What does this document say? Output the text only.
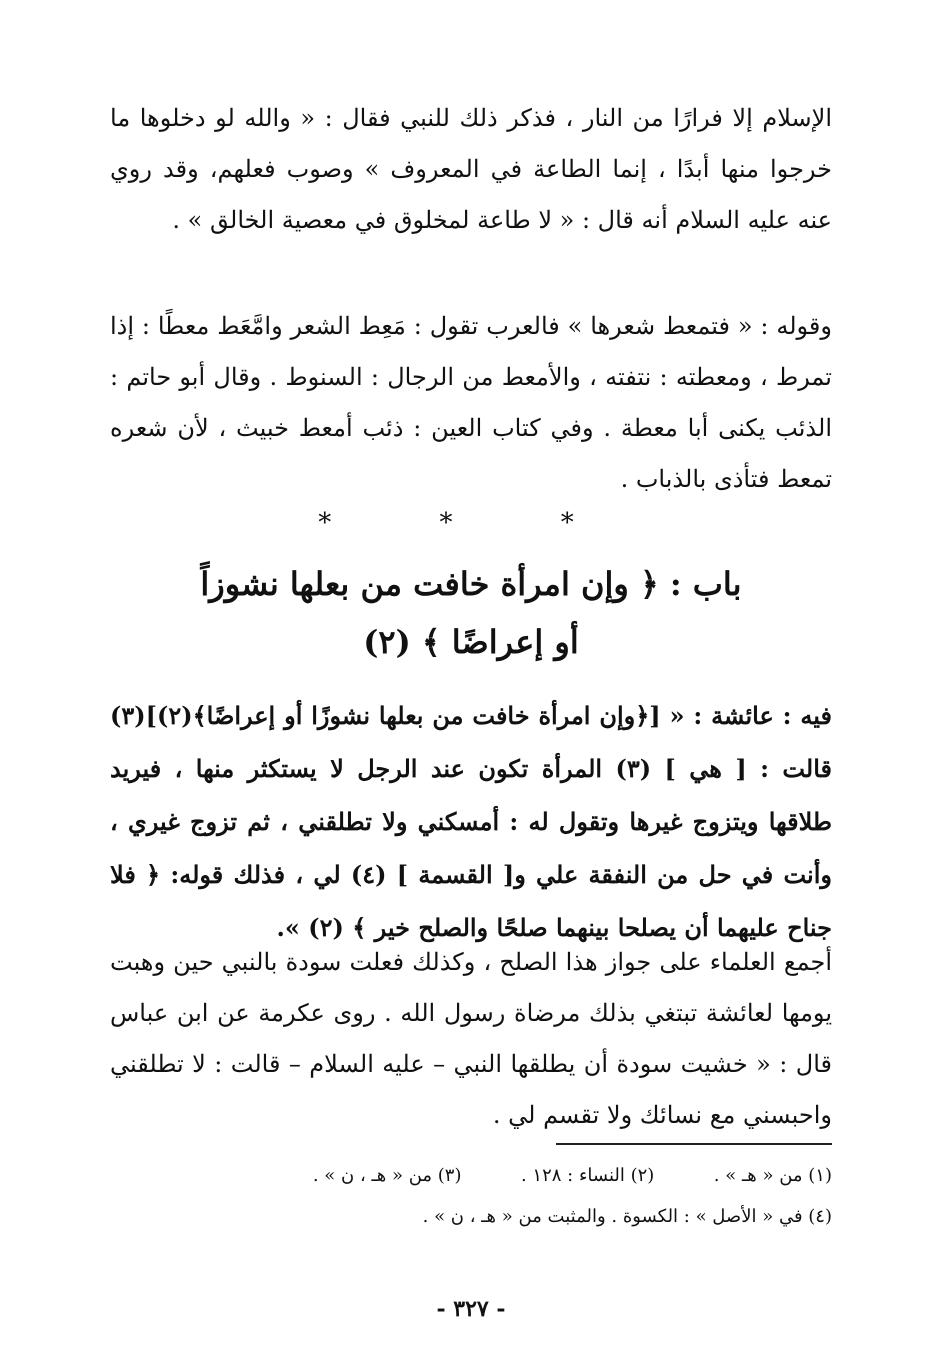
الإسلام إلا فرارًا من النار ، فذكر ذلك للنبي فقال : « والله لو دخلوها ما خرجوا منها أبدًا ، إنما الطاعة في المعروف » وصوب فعلهم، وقد روي عنه عليه السلام أنه قال : « لا طاعة لمخلوق في معصية الخالق » .

وقوله : « فتمعط شعرها » فالعرب تقول : مَعِط الشعر وامَّعَط معطًا : إذا تمرط ، ومعطته : نتفته ، والأمعط من الرجال : السنوط . وقال أبو حاتم : الذئب يكنى أبا معطة . وفي كتاب العين : ذئب أمعط خبيث ، لأن شعره تمعط فتأذى بالذباب .

* * *
باب : ﴿ وإن امرأة خافت من بعلها نشوزاً
أو إعراضًا ﴾ (٢)

فيه : عائشة : « [﴿وإن امرأة خافت من بعلها نشوزًا أو إعراضًا﴾(٢)](٣) قالت : [ هي ] (٣) المرأة تكون عند الرجل لا يستكثر منها ، فيريد طلاقها ويتزوج غيرها وتقول له : أمسكني ولا تطلقني ، ثم تزوج غيري ، وأنت في حل من النفقة علي و[ القسمة ] (٤) لي ، فذلك قوله: ﴿ فلا جناح عليهما أن يصلحا بينهما صلحًا والصلح خير ﴾ (٢) ».

أجمع العلماء على جواز هذا الصلح ، وكذلك فعلت سودة بالنبي حين وهبت يومها لعائشة تبتغي بذلك مرضاة رسول الله . روى عكرمة عن ابن عباس قال : « خشيت سودة أن يطلقها النبي – عليه السلام – قالت : لا تطلقني واحبسني مع نسائك ولا تقسم لي .

(١) من « هـ » .  (٢) النساء : ١٢٨ .  (٣) من « هـ ، ن » .

(٤) في « الأصل » : الكسوة . والمثبت من « هـ ، ن » .

- ٣٢٧ -
